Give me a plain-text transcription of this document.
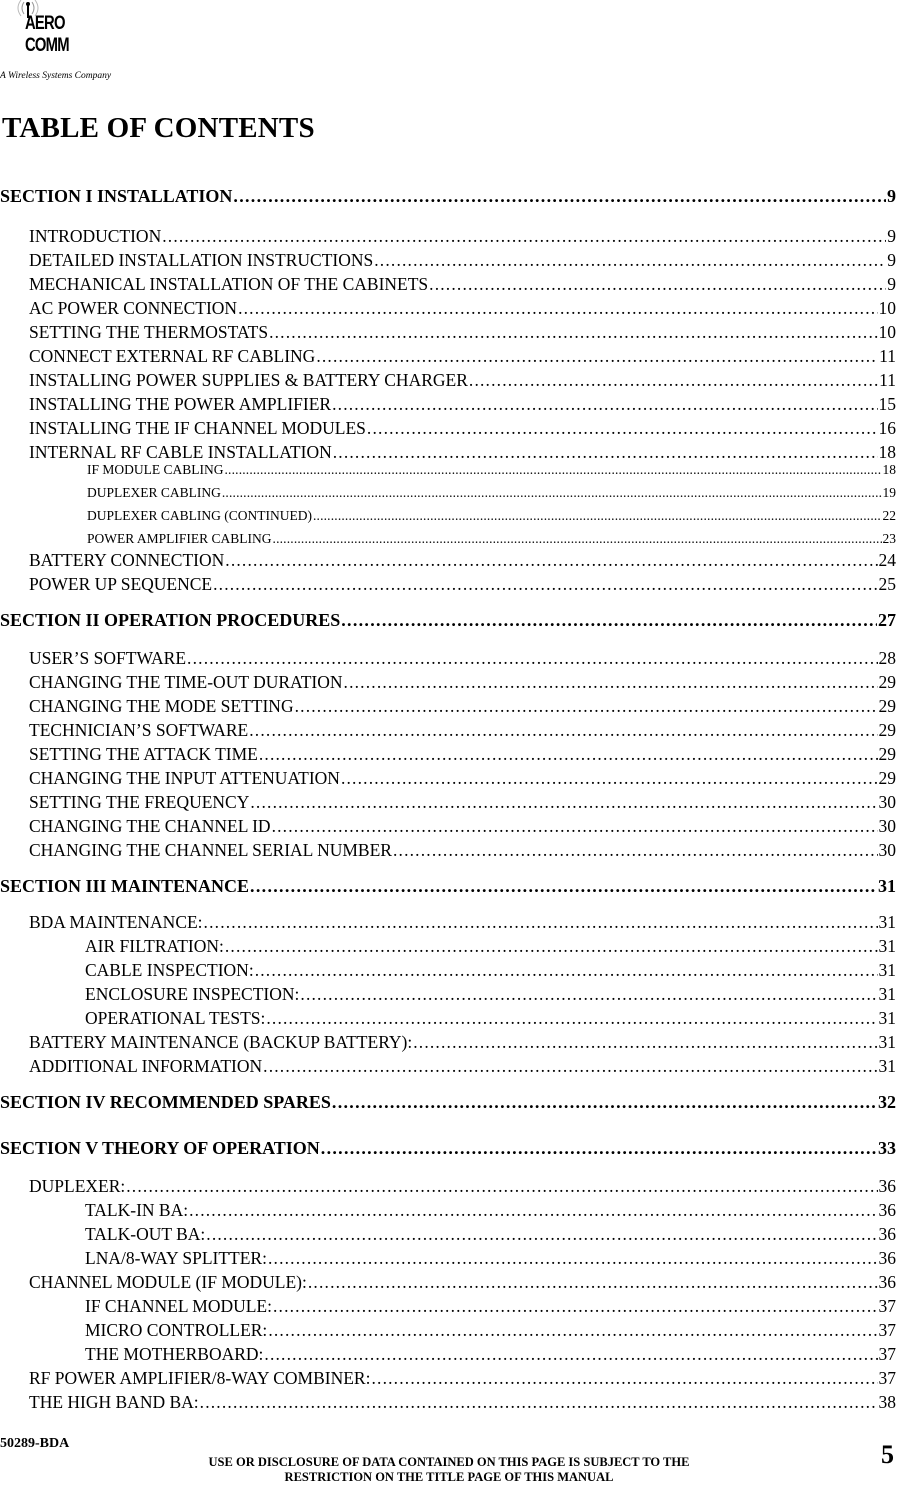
AERO
COMM
A Wireless Systems Company
TABLE OF CONTENTS
SECTION I INSTALLATION . . .	9
INTRODUCTION . . .	9
DETAILED INSTALLATION INSTRUCTIONS . . .	9
MECHANICAL INSTALLATION OF THE CABINETS . . .	9
AC POWER CONNECTION . . .	10
SETTING THE THERMOSTATS . . .	10
CONNECT EXTERNAL RF CABLING . . .	11
INSTALLING POWER SUPPLIES & BATTERY CHARGER . . .	11
INSTALLING THE POWER AMPLIFIER . . .	15
INSTALLING THE IF CHANNEL MODULES . . .	16
INTERNAL RF CABLE INSTALLATION . . .	18
IF MODULE CABLING . . .	18
DUPLEXER CABLING . . .	19
DUPLEXER CABLING (CONTINUED) . . .	22
POWER AMPLIFIER CABLING . . .	23
BATTERY CONNECTION . . .	24
POWER UP SEQUENCE . . .	25
SECTION II OPERATION PROCEDURES . . .	27
USER’S SOFTWARE . . .	28
CHANGING THE TIME-OUT DURATION . . .	29
CHANGING THE MODE SETTING . . .	29
TECHNICIAN’S SOFTWARE . . .	29
SETTING THE ATTACK TIME . . .	29
CHANGING THE INPUT ATTENUATION . . .	29
SETTING THE FREQUENCY . . .	30
CHANGING THE CHANNEL ID . . .	30
CHANGING THE CHANNEL SERIAL NUMBER . . .	30
SECTION III MAINTENANCE . . .	31
BDA MAINTENANCE: . . .	31
AIR FILTRATION: . . .	31
CABLE INSPECTION: . . .	31
ENCLOSURE INSPECTION: . . .	31
OPERATIONAL TESTS: . . .	31
BATTERY MAINTENANCE (BACKUP BATTERY): . . .	31
ADDITIONAL INFORMATION . . .	31
SECTION IV RECOMMENDED SPARES . . .	32
SECTION V THEORY OF OPERATION . . .	33
DUPLEXER: . . .	36
TALK-IN BA: . . .	36
TALK-OUT BA: . . .	36
LNA/8-WAY SPLITTER: . . .	36
CHANNEL MODULE (IF MODULE): . . .	36
IF CHANNEL MODULE: . . .	37
MICRO CONTROLLER: . . .	37
THE MOTHERBOARD: . . .	37
RF POWER AMPLIFIER/8-WAY COMBINER: . . .	37
THE HIGH BAND BA: . . .	38
50289-BDA
USE OR DISCLOSURE OF DATA CONTAINED ON THIS PAGE IS SUBJECT TO THE
RESTRICTION ON THE TITLE PAGE OF THIS MANUAL
5
